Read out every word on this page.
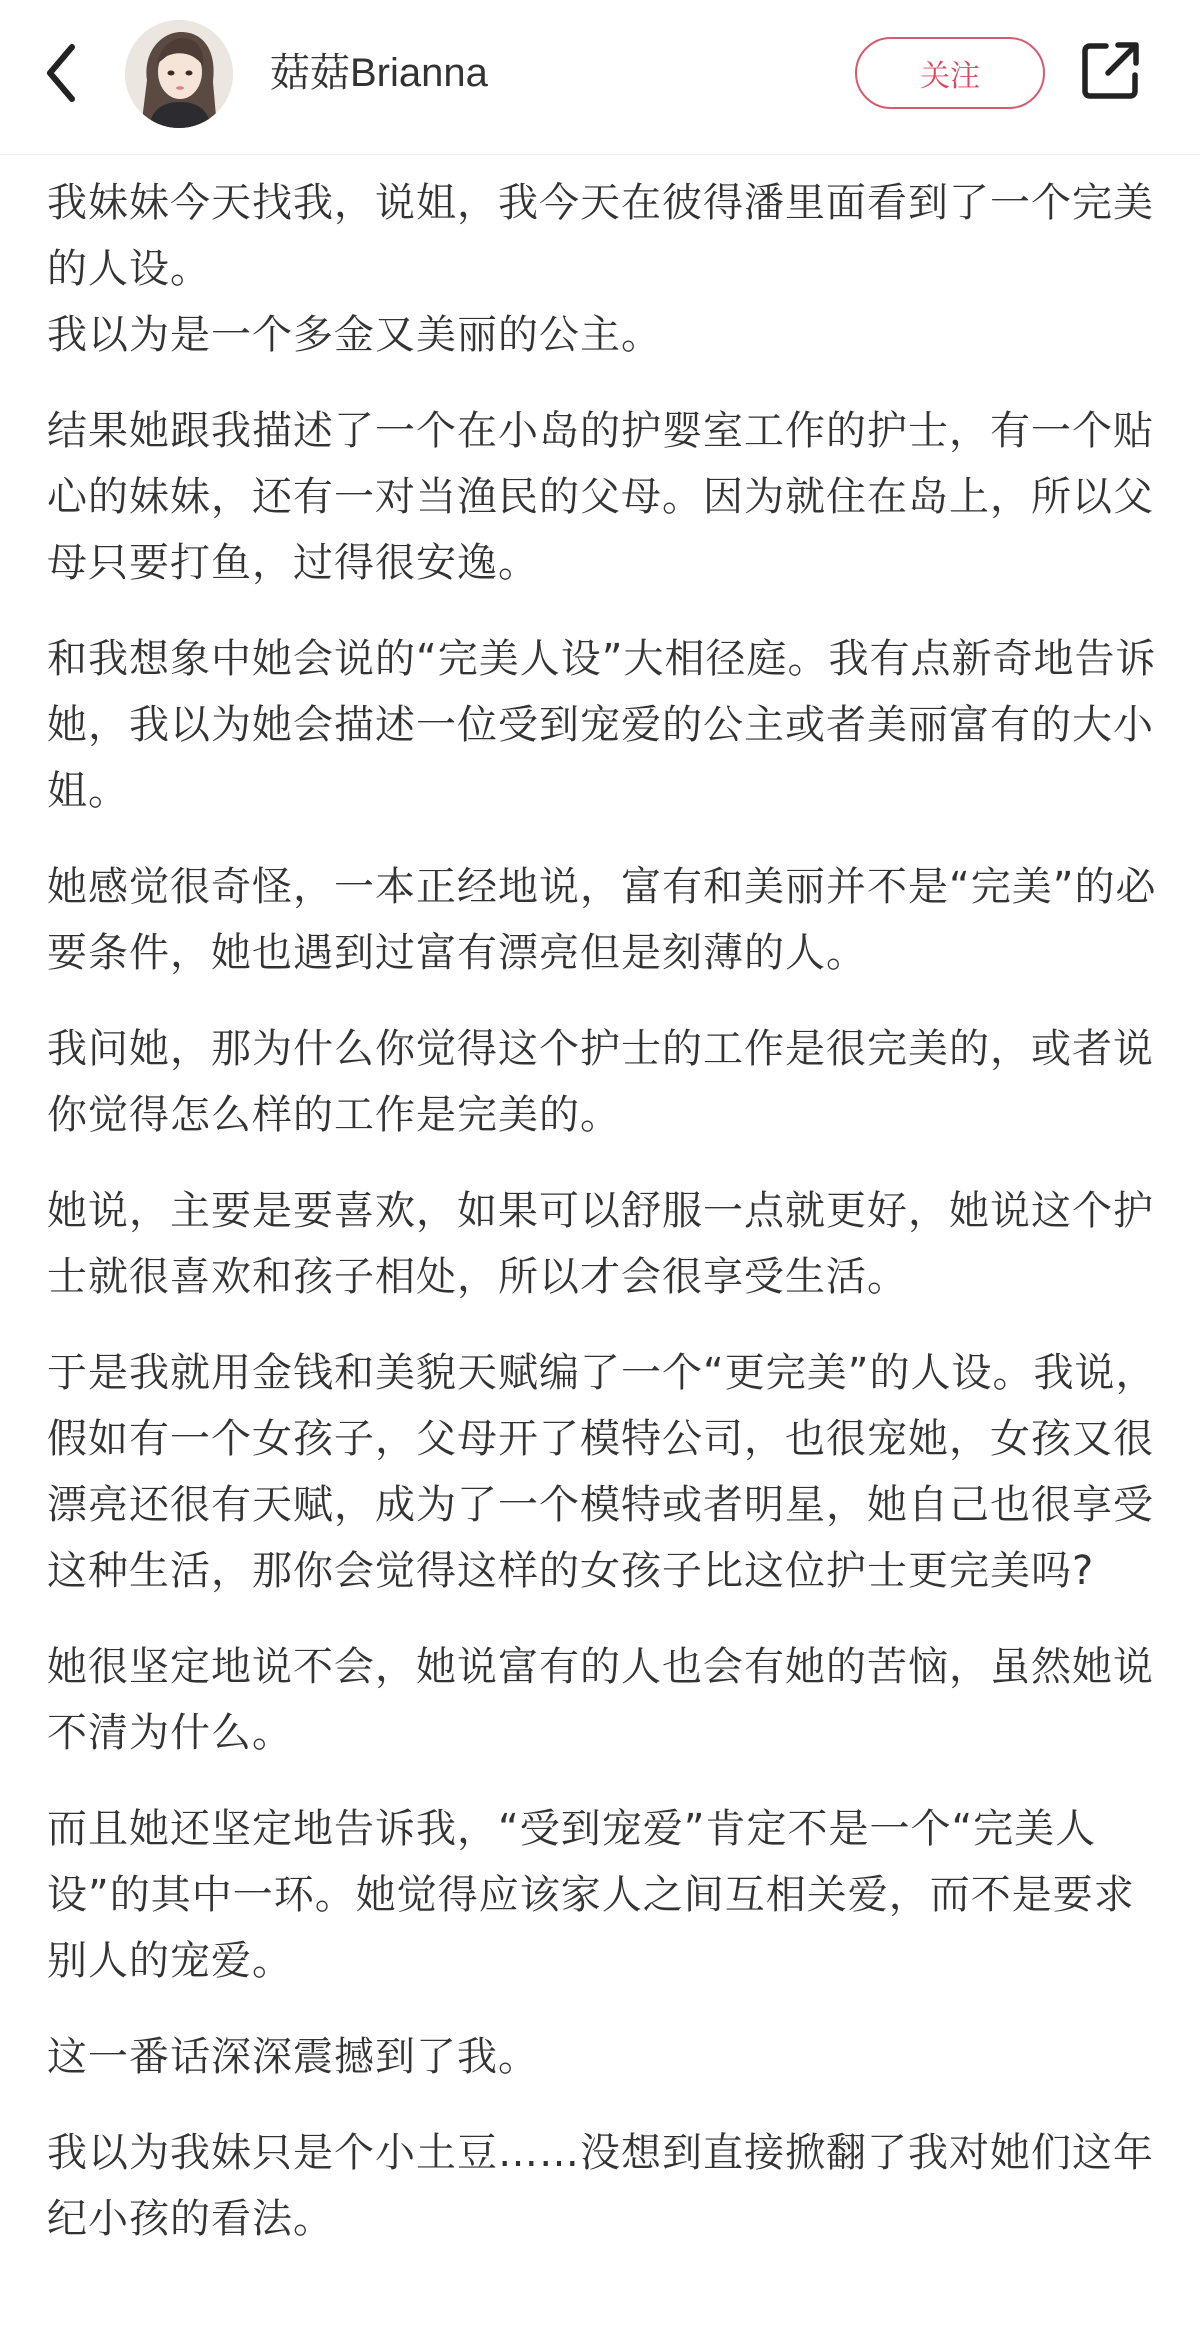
菇菇Brianna	关注

我妹妹今天找我，说姐，我今天在彼得潘里面看到了一个完美的人设。
我以为是一个多金又美丽的公主。

结果她跟我描述了一个在小岛的护婴室工作的护士，有一个贴心的妹妹，还有一对当渔民的父母。因为就住在岛上，所以父母只要打鱼，过得很安逸。

和我想象中她会说的“完美人设”大相径庭。我有点新奇地告诉她，我以为她会描述一位受到宠爱的公主或者美丽富有的大小姐。

她感觉很奇怪，一本正经地说，富有和美丽并不是“完美”的必要条件，她也遇到过富有漂亮但是刻薄的人。

我问她，那为什么你觉得这个护士的工作是很完美的，或者说你觉得怎么样的工作是完美的。

她说，主要是要喜欢，如果可以舒服一点就更好，她说这个护士就很喜欢和孩子相处，所以才会很享受生活。

于是我就用金钱和美貌天赋编了一个“更完美”的人设。我说，假如有一个女孩子，父母开了模特公司，也很宠她，女孩又很漂亮还很有天赋，成为了一个模特或者明星，她自己也很享受这种生活，那你会觉得这样的女孩子比这位护士更完美吗?

她很坚定地说不会，她说富有的人也会有她的苦恼，虽然她说不清为什么。

而且她还坚定地告诉我，“受到宠爱”肯定不是一个“完美人设”的其中一环。她觉得应该家人之间互相关爱，而不是要求别人的宠爱。

这一番话深深震撼到了我。

我以为我妹只是个小土豆……没想到直接掀翻了我对她们这年纪小孩的看法。
